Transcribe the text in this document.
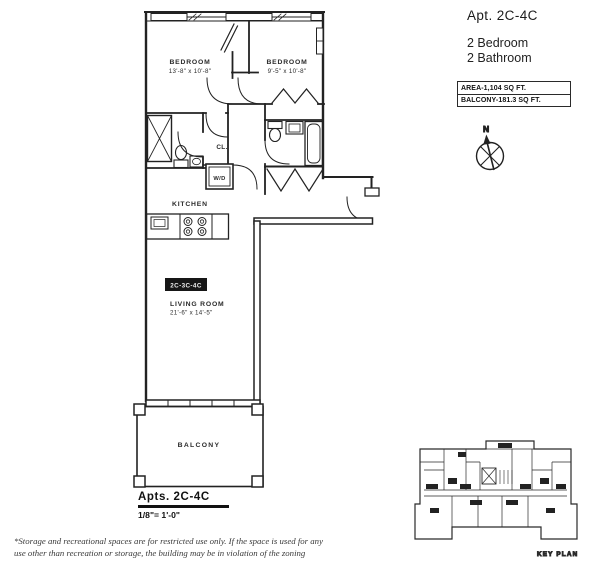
Apt. 2C-4C
2 Bedroom
2 Bathroom
AREA-1,104 SQ FT.
BALCONY-181.3 SQ FT.
BEDROOM
13'-8" x 10'-8"
BEDROOM
9'-5" x 10'-8"
CL.
W/D
KITCHEN
2C-3C-4C
LIVING ROOM
21'-6" x 14'-5"
BALCONY
N
KEY PLAN
Apts. 2C-4C
1/8"= 1'-0"
*Storage and recreational spaces are for restricted use only. If the space is used for any
use other than recreation or storage, the building may be in violation of the zoning
